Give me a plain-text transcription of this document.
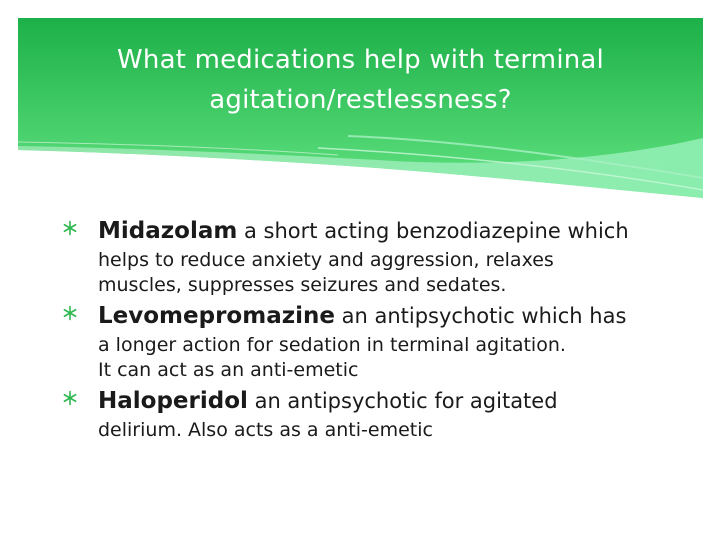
What medications help with terminal
agitation/restlessness?
Midazolam a short acting benzodiazepine which
helps to reduce anxiety and aggression, relaxes
muscles, suppresses seizures and sedates.
Levomepromazine an antipsychotic which has
a longer action for sedation in terminal agitation.
It can act as an anti-emetic
Haloperidol an antipsychotic for agitated
delirium. Also acts as a anti-emetic
